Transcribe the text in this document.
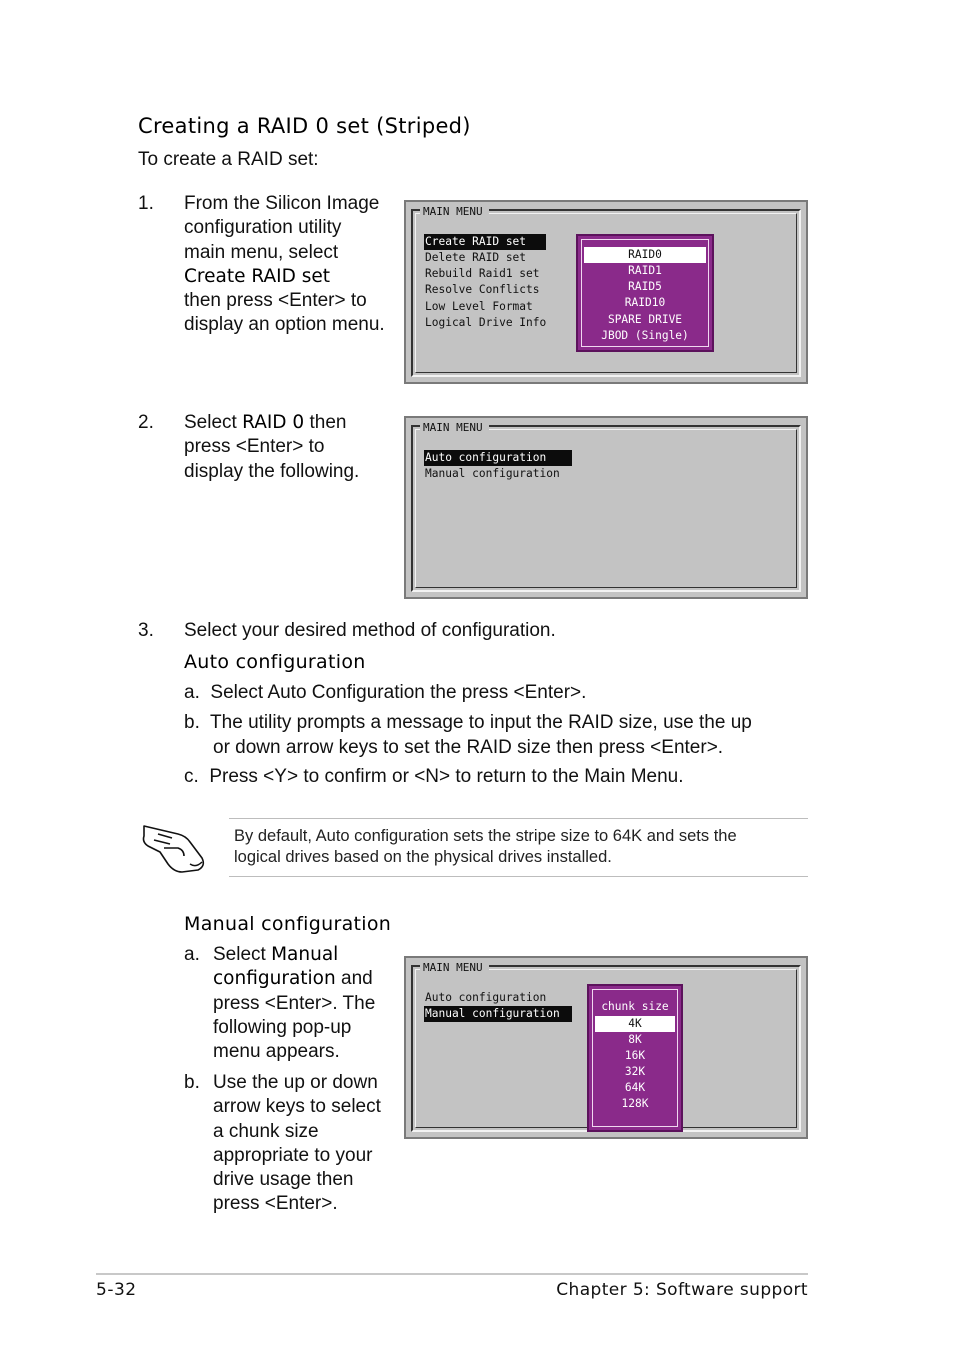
Creating a RAID 0 set (Striped)
To create a RAID set:
1. From the Silicon Image
configuration utility
main menu, select
Create RAID set
then press <Enter> to
display an option menu.
MAIN MENU
Create RAID set
Delete RAID set
Rebuild Raid1 set
Resolve Conflicts
Low Level Format
Logical Drive Info
RAID0
RAID1
RAID5
RAID10
SPARE DRIVE
JBOD (Single)
2. Select RAID 0 then
press <Enter> to
display the following.
MAIN MENU
Auto configuration
Manual configuration
3. Select your desired method of configuration.
Auto configuration
a.  Select Auto Configuration the press <Enter>.
b.  The utility prompts a message to input the RAID size, use the up
or down arrow keys to set the RAID size then press <Enter>.
c.  Press <Y> to confirm or <N> to return to the Main Menu.
By default, Auto configuration sets the stripe size to 64K and sets the
logical drives based on the physical drives installed.
Manual configuration
a. Select Manual
configuration and
press <Enter>. The
following pop-up
menu appears.
b. Use the up or down
arrow keys to select
a chunk size
appropriate to your
drive usage then
press <Enter>.
MAIN MENU
Auto configuration
Manual configuration
chunk size
4K
8K
16K
32K
64K
128K
5-32	Chapter 5: Software support
